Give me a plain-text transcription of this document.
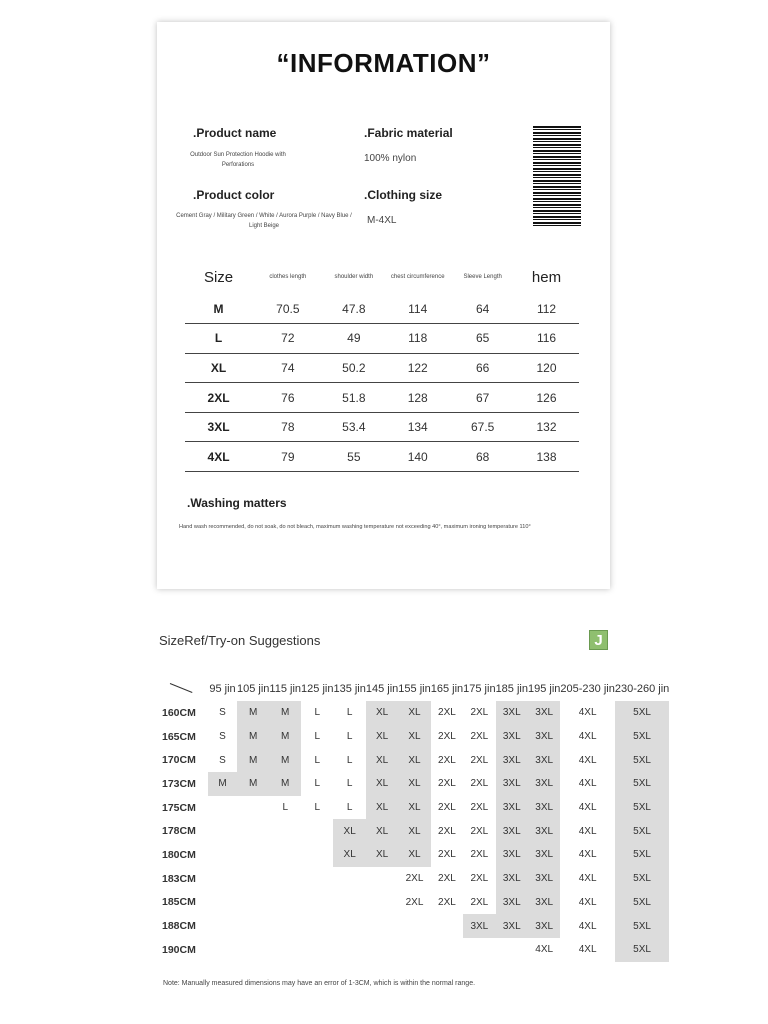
“INFORMATION”
.Product name
Outdoor Sun Protection Hoodie with Perforations
.Fabric material
100% nylon
.Product color
Cement Gray / Military Green / White / Aurora Purple / Navy Blue / Light Beige
.Clothing size
M-4XL
Size	clothes length	shoulder width	chest circumference	Sleeve Length	hem
M	70.5	47.8	114	64	112
L	72	49	118	65	116
XL	74	50.2	122	66	120
2XL	76	51.8	128	67	126
3XL	78	53.4	134	67.5	132
4XL	79	55	140	68	138
.Washing matters
Hand wash recommended, do not soak, do not bleach, maximum washing temperature not exceeding 40°, maximum ironing temperature 110°
SizeRef/Try-on Suggestions	J
	95 jin	105 jin	115 jin	125 jin	135 jin	145 jin	155 jin	165 jin	175 jin	185 jin	195 jin	205-230 jin	230-260 jin
160CM	S	M	M	L	L	XL	XL	2XL	2XL	3XL	3XL	4XL	5XL
165CM	S	M	M	L	L	XL	XL	2XL	2XL	3XL	3XL	4XL	5XL
170CM	S	M	M	L	L	XL	XL	2XL	2XL	3XL	3XL	4XL	5XL
173CM	M	M	M	L	L	XL	XL	2XL	2XL	3XL	3XL	4XL	5XL
175CM			L	L	L	XL	XL	2XL	2XL	3XL	3XL	4XL	5XL
178CM					XL	XL	XL	2XL	2XL	3XL	3XL	4XL	5XL
180CM					XL	XL	XL	2XL	2XL	3XL	3XL	4XL	5XL
183CM							2XL	2XL	2XL	3XL	3XL	4XL	5XL
185CM							2XL	2XL	2XL	3XL	3XL	4XL	5XL
188CM									3XL	3XL	3XL	4XL	5XL
190CM											4XL	4XL	5XL
Note: Manually measured dimensions may have an error of 1-3CM, which is within the normal range.
